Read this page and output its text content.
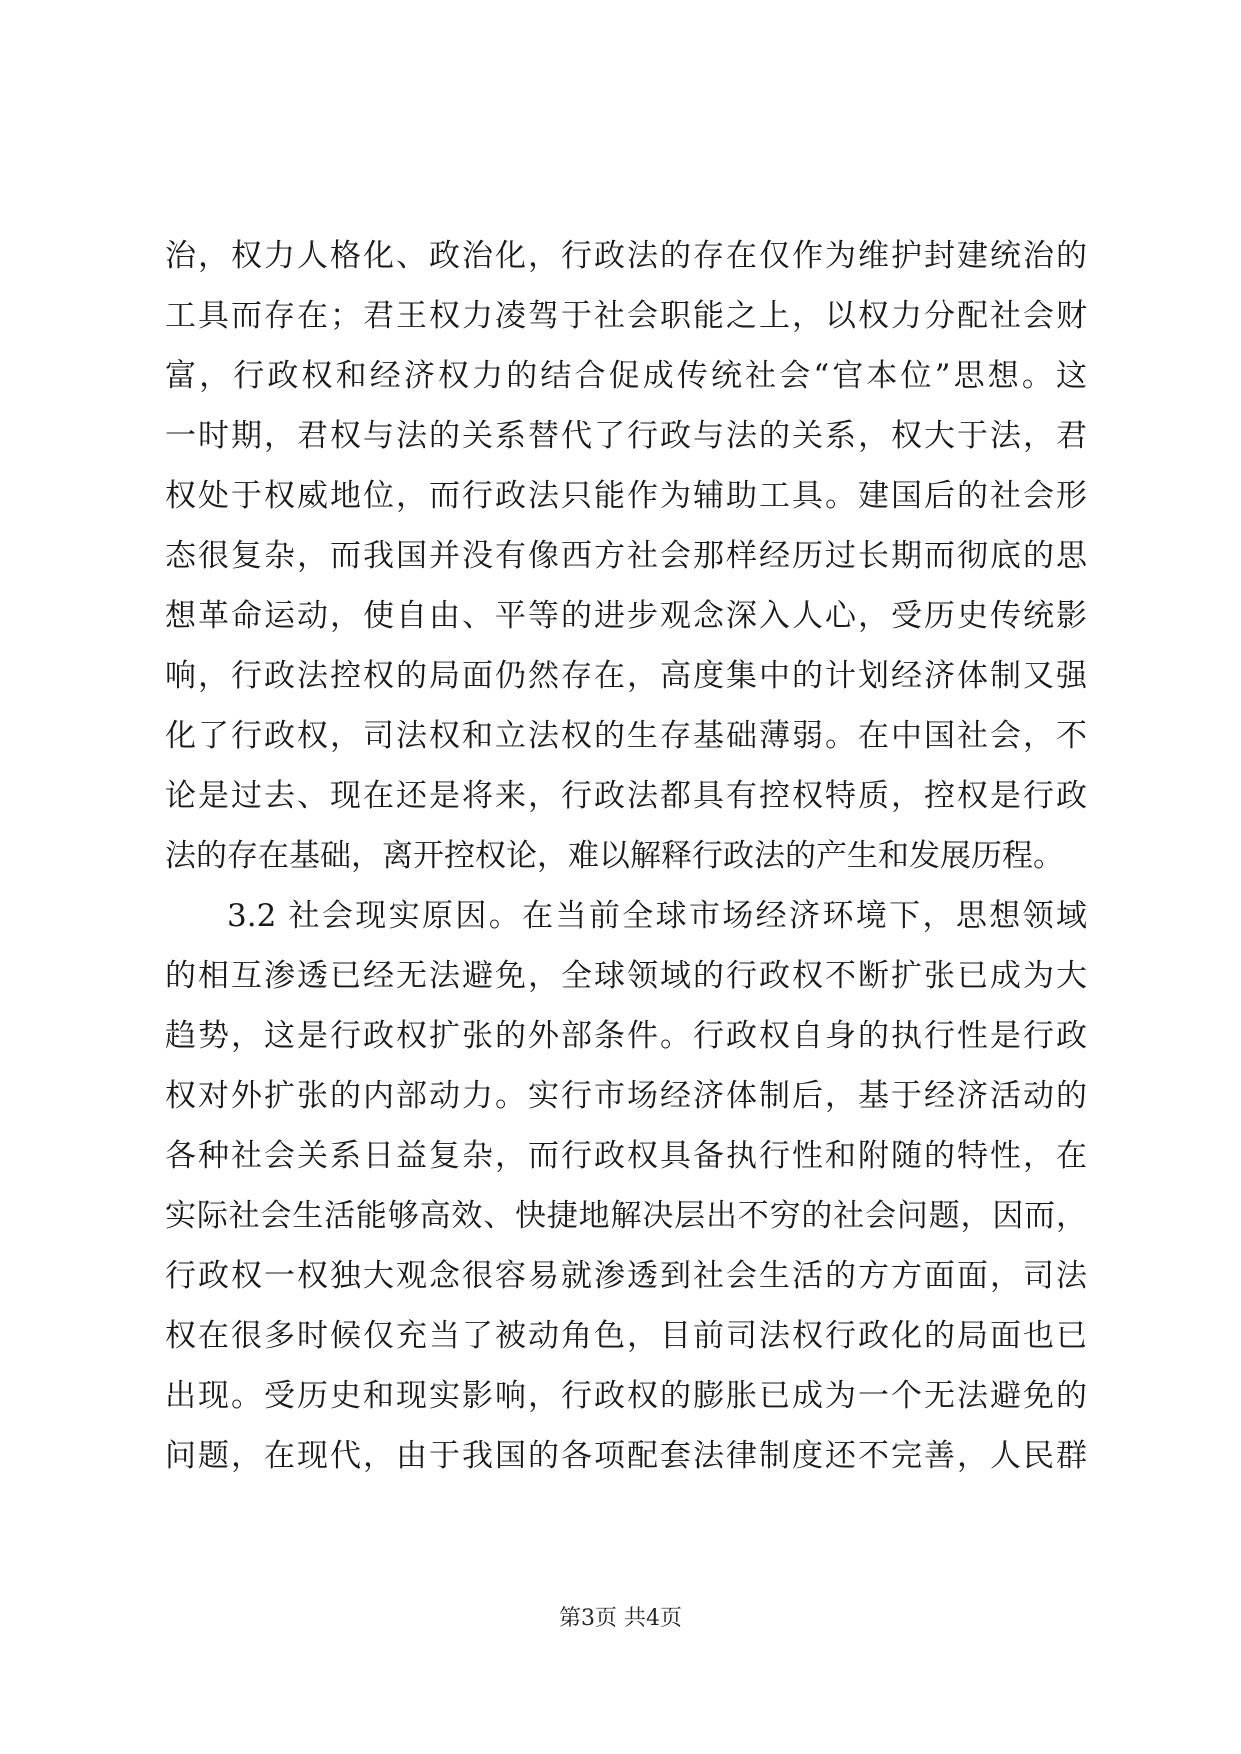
治，权力人格化、政治化，行政法的存在仅作为维护封建统治的
工具而存在；君王权力凌驾于社会职能之上，以权力分配社会财
富，行政权和经济权力的结合促成传统社会“官本位”思想。这
一时期，君权与法的关系替代了行政与法的关系，权大于法，君
权处于权威地位，而行政法只能作为辅助工具。建国后的社会形
态很复杂，而我国并没有像西方社会那样经历过长期而彻底的思
想革命运动，使自由、平等的进步观念深入人心，受历史传统影
响，行政法控权的局面仍然存在，高度集中的计划经济体制又强
化了行政权，司法权和立法权的生存基础薄弱。在中国社会，不
论是过去、现在还是将来，行政法都具有控权特质，控权是行政
法的存在基础，离开控权论，难以解释行政法的产生和发展历程。
3.2 社会现实原因。在当前全球市场经济环境下，思想领域
的相互渗透已经无法避免，全球领域的行政权不断扩张已成为大
趋势，这是行政权扩张的外部条件。行政权自身的执行性是行政
权对外扩张的内部动力。实行市场经济体制后，基于经济活动的
各种社会关系日益复杂，而行政权具备执行性和附随的特性，在
实际社会生活能够高效、快捷地解决层出不穷的社会问题，因而，
行政权一权独大观念很容易就渗透到社会生活的方方面面，司法
权在很多时候仅充当了被动角色，目前司法权行政化的局面也已
出现。受历史和现实影响，行政权的膨胀已成为一个无法避免的
问题，在现代，由于我国的各项配套法律制度还不完善，人民群
第3页 共4页
